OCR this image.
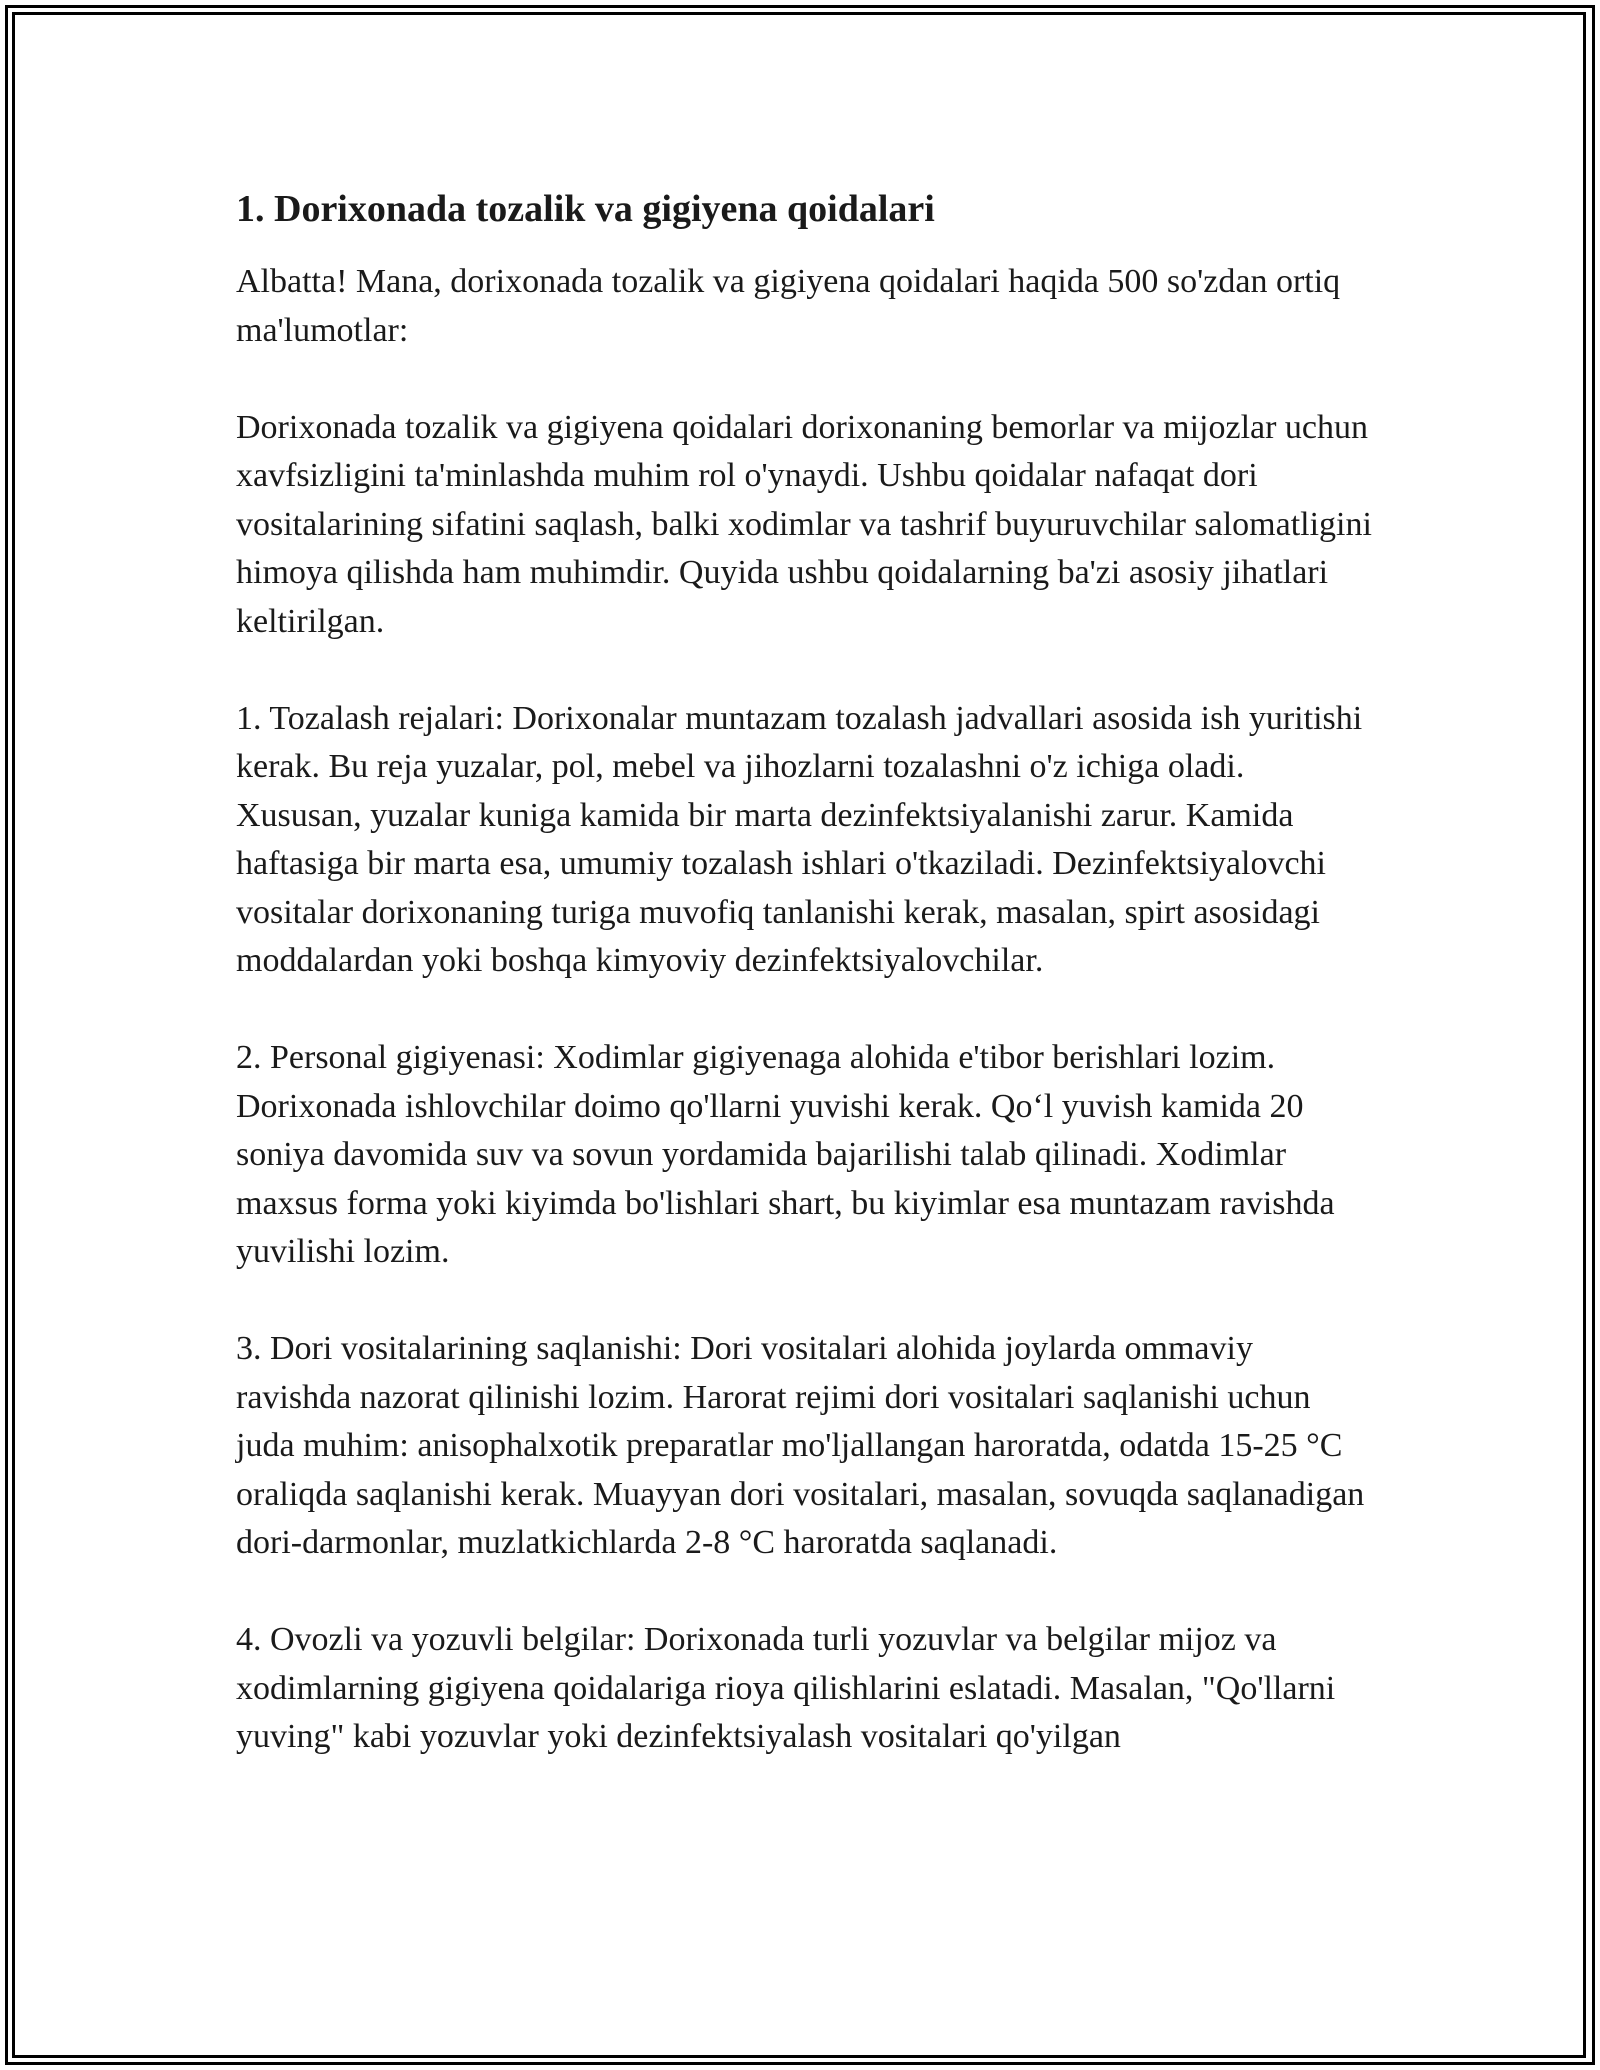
1. Dorixonada tozalik va gigiyena qoidalari

Albatta! Mana, dorixonada tozalik va gigiyena qoidalari haqida 500 so'zdan ortiq ma'lumotlar:

Dorixonada tozalik va gigiyena qoidalari dorixonaning bemorlar va mijozlar uchun xavfsizligini ta'minlashda muhim rol o'ynaydi. Ushbu qoidalar nafaqat dori vositalarining sifatini saqlash, balki xodimlar va tashrif buyuruvchilar salomatligini himoya qilishda ham muhimdir. Quyida ushbu qoidalarning ba'zi asosiy jihatlari keltirilgan.

1. Tozalash rejalari: Dorixonalar muntazam tozalash jadvallari asosida ish yuritishi kerak. Bu reja yuzalar, pol, mebel va jihozlarni tozalashni o'z ichiga oladi. Xususan, yuzalar kuniga kamida bir marta dezinfektsiyalanishi zarur. Kamida haftasiga bir marta esa, umumiy tozalash ishlari o'tkaziladi. Dezinfektsiyalovchi vositalar dorixonaning turiga muvofiq tanlanishi kerak, masalan, spirt asosidagi moddalardan yoki boshqa kimyoviy dezinfektsiyalovchilar.

2. Personal gigiyenasi: Xodimlar gigiyenaga alohida e'tibor berishlari lozim. Dorixonada ishlovchilar doimo qo'llarni yuvishi kerak. Qo‘l yuvish kamida 20 soniya davomida suv va sovun yordamida bajarilishi talab qilinadi. Xodimlar maxsus forma yoki kiyimda bo'lishlari shart, bu kiyimlar esa muntazam ravishda yuvilishi lozim.

3. Dori vositalarining saqlanishi: Dori vositalari alohida joylarda ommaviy ravishda nazorat qilinishi lozim. Harorat rejimi dori vositalari saqlanishi uchun juda muhim: anisophalxotik preparatlar mo'ljallangan haroratda, odatda 15-25 °C oraliqda saqlanishi kerak. Muayyan dori vositalari, masalan, sovuqda saqlanadigan dori-darmonlar, muzlatkichlarda 2-8 °C haroratda saqlanadi.

4. Ovozli va yozuvli belgilar: Dorixonada turli yozuvlar va belgilar mijoz va xodimlarning gigiyena qoidalariga rioya qilishlarini eslatadi. Masalan, "Qo'llarni yuving" kabi yozuvlar yoki dezinfektsiyalash vositalari qo'yilgan
